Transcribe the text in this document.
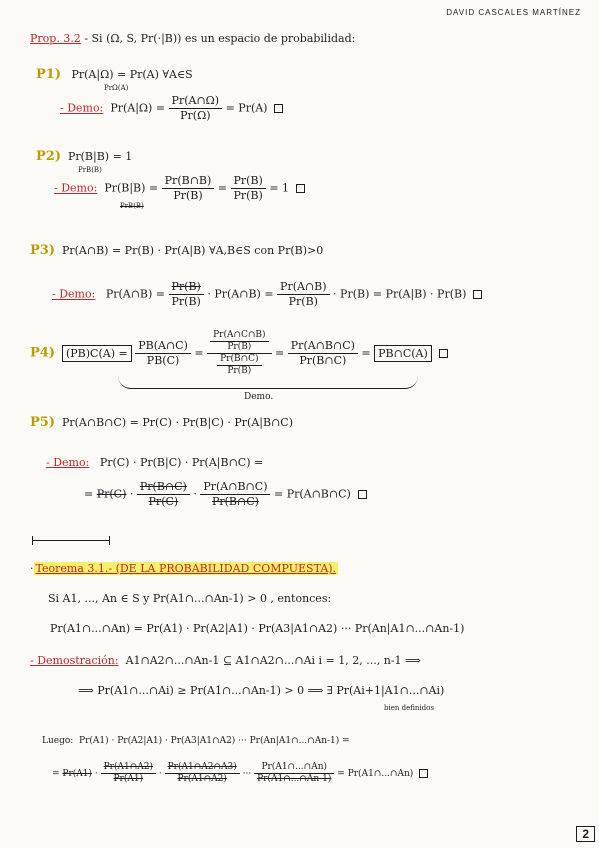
DAVID CASCALES MARTÍNEZ
Prop. 3.2 - Si (Ω, S, Pr(·|B)) es un espacio de probabilidad:
P1) Pr(A|Ω) = Pr(A) ∀A∈S
PrΩ(A)
- Demo: $Pr(A|\Omega) = \frac{Pr(A\cap\Omega)}{Pr(\Omega)} = Pr(A)$
P2) Pr(B|B) = 1
PrB(B)
- Demo: $Pr(B|B) = \frac{Pr(B\cap B)}{Pr(B)} = \frac{Pr(B)}{Pr(B)} = 1$
PrB(B)
P3) Pr(A∩B) = Pr(B) · Pr(A|B) ∀A,B∈S con Pr(B)>0
- Demo: Pr(A∩B) = $\frac{Pr(B)}{Pr(B)}$ · Pr(A∩B) = $\frac{Pr(A\cap B)}{Pr(B)} \cdot Pr(B) = Pr(A|B) \cdot Pr(B)$
P4) $(PB)C(A) = \frac{PB(A\cap C)}{PB(C)} = \frac{\frac{Pr(A\cap C\cap B)}{Pr(B)}}{\frac{Pr(B\cap C)}{Pr(B)}} = \frac{Pr(A\cap B\cap C)}{Pr(B\cap C)}$ = PB∩C(A)
Demo.
P5) Pr(A∩B∩C) = Pr(C) · Pr(B|C) · Pr(A|B∩C)
- Demo: Pr(C) · Pr(B|C) · Pr(A|B∩C) =
= $Pr(C) \cdot \frac{Pr(B\cap C)}{Pr(C)} \cdot \frac{Pr(A\cap B\cap C)}{Pr(B\cap C)}$ = Pr(A∩B∩C)
· Teorema 3.1.- (DE LA PROBABILIDAD COMPUESTA).
Si A1, ..., An ∈ S y Pr(A1∩...∩An-1) > 0 , entonces:
Pr(A1∩...∩An) = Pr(A1) · Pr(A2|A1) · Pr(A3|A1∩A2) ··· Pr(An|A1∩...∩An-1)
- Demostración: A1∩A2∩...∩An-1 ⊆ A1∩A2∩...∩Ai i = 1, 2, ..., n-1 ⟹
⟹ Pr(A1∩...∩Ai) ≥ Pr(A1∩...∩An-1) > 0 ⟹ ∃ Pr(Ai+1|A1∩...∩Ai)
bien definidos
Luego: Pr(A1) · Pr(A2|A1) · Pr(A3|A1∩A2) ··· Pr(An|A1∩...∩An-1) =
= $Pr(A1) \cdot \frac{Pr(A1\cap A2)}{Pr(A1)} \cdot \frac{Pr(A1\cap A2\cap A3)}{Pr(A1\cap A2)}$ ··· $\frac{Pr(A1\cap...\cap An)}{Pr(A1\cap...\cap An-1)}$ = Pr(A1∩...∩An)
2
